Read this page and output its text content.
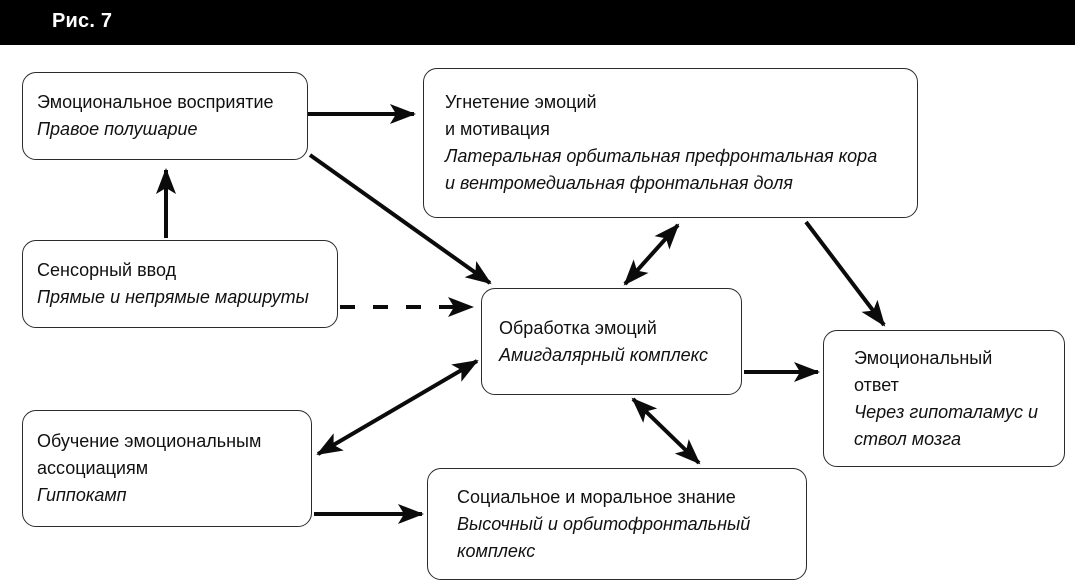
Рис. 7
Эмоциональное восприятие
Правое полушарие
Угнетение эмоций
и мотивация
Латеральная орбитальная префронтальная кора
и вентромедиальная фронтальная доля
Сенсорный ввод
Прямые и непрямые маршруты
Обработка эмоций
Амигдалярный комплекс	Эмоциональный
ответ
Через гипоталамус и
ствол мозга
Обучение эмоциональным
ассоциациям
Гиппокамп	Социальное и моральное знание
Высочный и орбитофронтальный
комплекс
